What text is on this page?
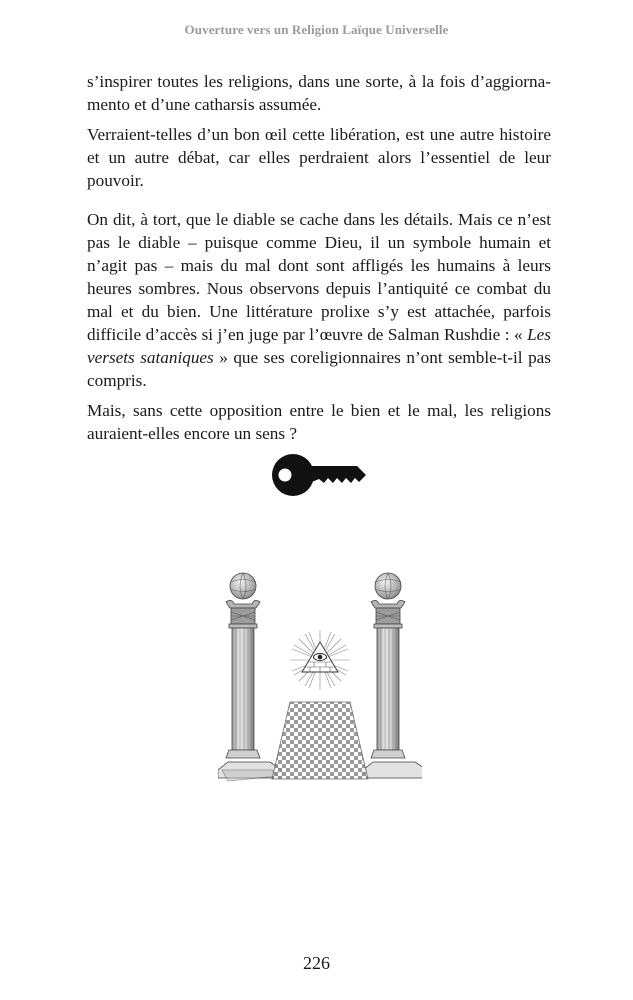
Ouverture vers un Religion Laïque Universelle

s’inspirer toutes les religions, dans une sorte, à la fois d’aggiornamento et d’une catharsis assumée.

Verraient-telles d’un bon œil cette libération, est une autre histoire et un autre débat, car elles perdraient alors l’essentiel de leur pouvoir.

On dit, à tort, que le diable se cache dans les détails. Mais ce n’est pas le diable – puisque comme Dieu, il un symbole humain et n’agit pas – mais du mal dont sont affligés les humains à leurs heures sombres. Nous observons depuis l’antiquité ce combat du mal et du bien. Une littérature prolixe s’y est attachée, parfois difficile d’accès si j’en juge par l’œuvre de Salman Rushdie : « Les versets sataniques » que ses coreligionnaires n’ont semble-t-il pas compris.

Mais, sans cette opposition entre le bien et le mal, les religions auraient-elles encore un sens ?

226
